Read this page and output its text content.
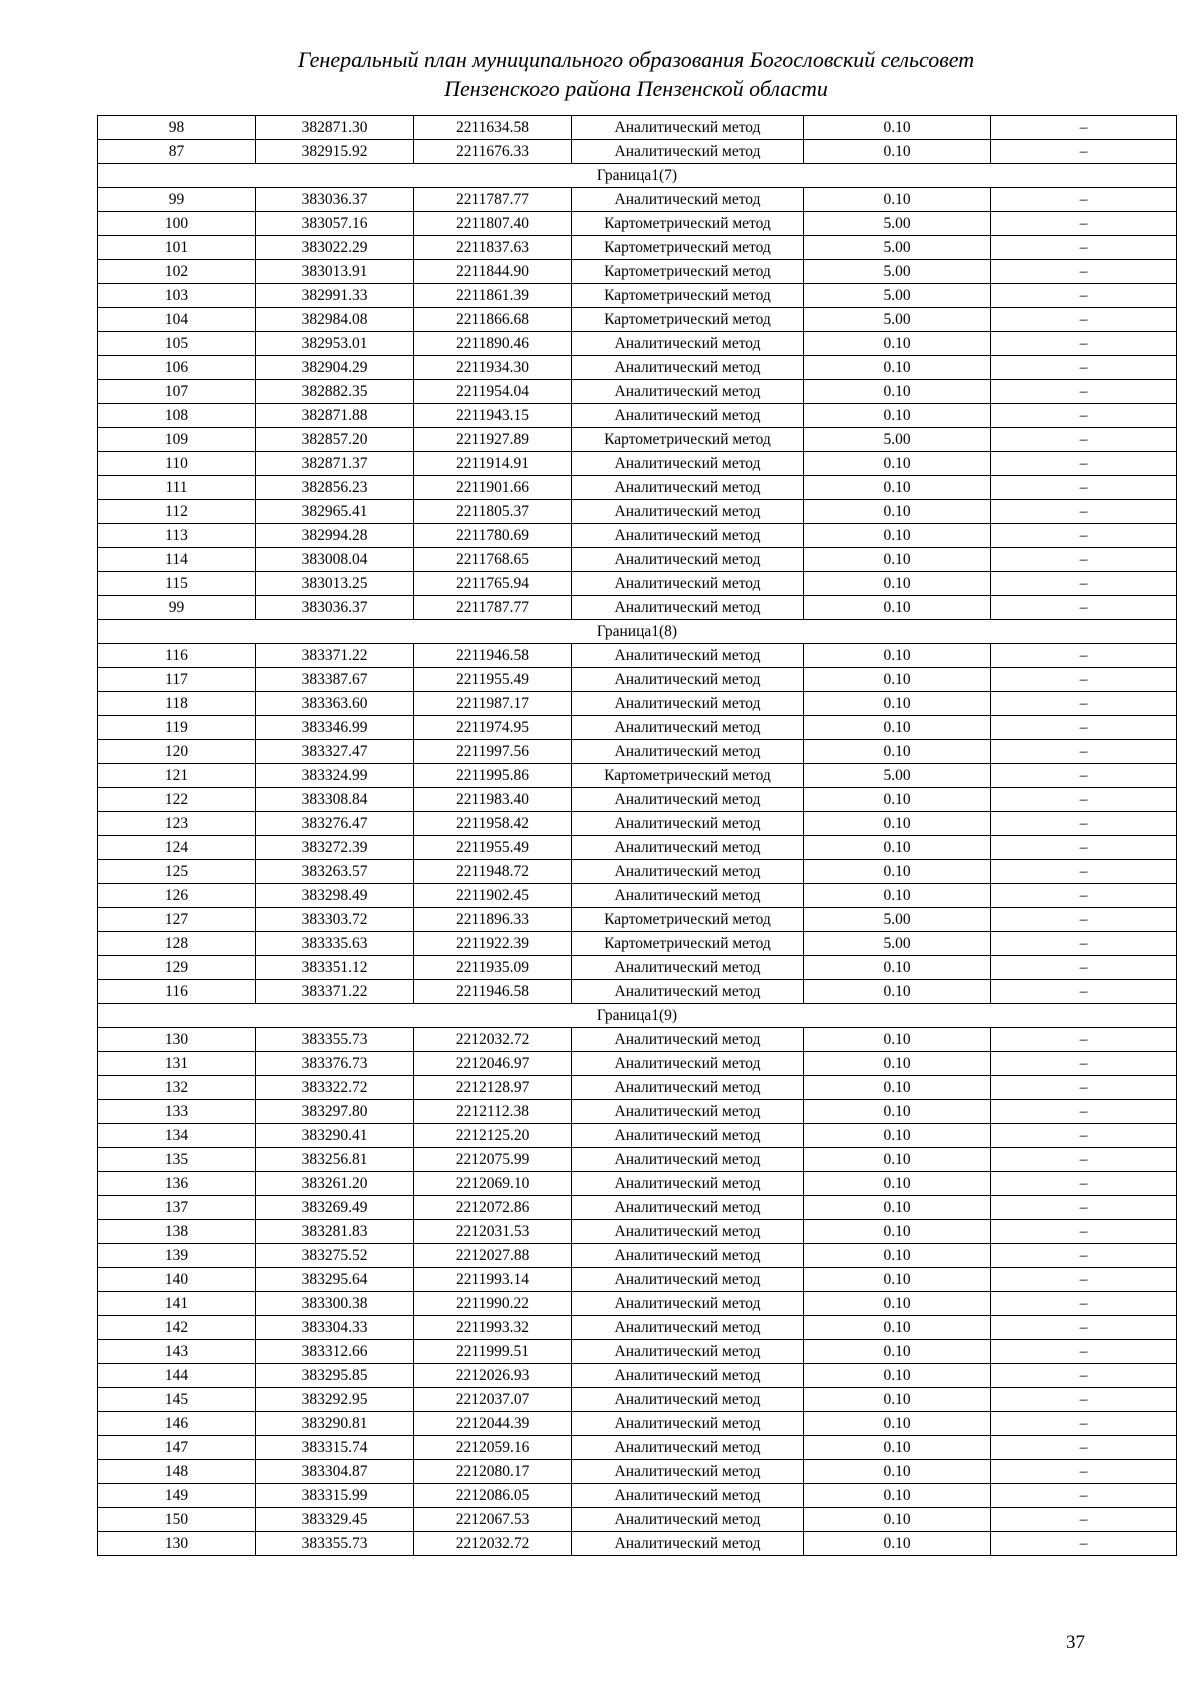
Генеральный план муниципального образования Богословский сельсовет
Пензенского района Пензенской области
98	382871.30	2211634.58	Аналитический метод	0.10	–
87	382915.92	2211676.33	Аналитический метод	0.10	–
Граница1(7)					
99	383036.37	2211787.77	Аналитический метод	0.10	–
100	383057.16	2211807.40	Картометрический метод	5.00	–
101	383022.29	2211837.63	Картометрический метод	5.00	–
102	383013.91	2211844.90	Картометрический метод	5.00	–
103	382991.33	2211861.39	Картометрический метод	5.00	–
104	382984.08	2211866.68	Картометрический метод	5.00	–
105	382953.01	2211890.46	Аналитический метод	0.10	–
106	382904.29	2211934.30	Аналитический метод	0.10	–
107	382882.35	2211954.04	Аналитический метод	0.10	–
108	382871.88	2211943.15	Аналитический метод	0.10	–
109	382857.20	2211927.89	Картометрический метод	5.00	–
110	382871.37	2211914.91	Аналитический метод	0.10	–
111	382856.23	2211901.66	Аналитический метод	0.10	–
112	382965.41	2211805.37	Аналитический метод	0.10	–
113	382994.28	2211780.69	Аналитический метод	0.10	–
114	383008.04	2211768.65	Аналитический метод	0.10	–
115	383013.25	2211765.94	Аналитический метод	0.10	–
99	383036.37	2211787.77	Аналитический метод	0.10	–
Граница1(8)					
116	383371.22	2211946.58	Аналитический метод	0.10	–
117	383387.67	2211955.49	Аналитический метод	0.10	–
118	383363.60	2211987.17	Аналитический метод	0.10	–
119	383346.99	2211974.95	Аналитический метод	0.10	–
120	383327.47	2211997.56	Аналитический метод	0.10	–
121	383324.99	2211995.86	Картометрический метод	5.00	–
122	383308.84	2211983.40	Аналитический метод	0.10	–
123	383276.47	2211958.42	Аналитический метод	0.10	–
124	383272.39	2211955.49	Аналитический метод	0.10	–
125	383263.57	2211948.72	Аналитический метод	0.10	–
126	383298.49	2211902.45	Аналитический метод	0.10	–
127	383303.72	2211896.33	Картометрический метод	5.00	–
128	383335.63	2211922.39	Картометрический метод	5.00	–
129	383351.12	2211935.09	Аналитический метод	0.10	–
116	383371.22	2211946.58	Аналитический метод	0.10	–
Граница1(9)					
130	383355.73	2212032.72	Аналитический метод	0.10	–
131	383376.73	2212046.97	Аналитический метод	0.10	–
132	383322.72	2212128.97	Аналитический метод	0.10	–
133	383297.80	2212112.38	Аналитический метод	0.10	–
134	383290.41	2212125.20	Аналитический метод	0.10	–
135	383256.81	2212075.99	Аналитический метод	0.10	–
136	383261.20	2212069.10	Аналитический метод	0.10	–
137	383269.49	2212072.86	Аналитический метод	0.10	–
138	383281.83	2212031.53	Аналитический метод	0.10	–
139	383275.52	2212027.88	Аналитический метод	0.10	–
140	383295.64	2211993.14	Аналитический метод	0.10	–
141	383300.38	2211990.22	Аналитический метод	0.10	–
142	383304.33	2211993.32	Аналитический метод	0.10	–
143	383312.66	2211999.51	Аналитический метод	0.10	–
144	383295.85	2212026.93	Аналитический метод	0.10	–
145	383292.95	2212037.07	Аналитический метод	0.10	–
146	383290.81	2212044.39	Аналитический метод	0.10	–
147	383315.74	2212059.16	Аналитический метод	0.10	–
148	383304.87	2212080.17	Аналитический метод	0.10	–
149	383315.99	2212086.05	Аналитический метод	0.10	–
150	383329.45	2212067.53	Аналитический метод	0.10	–
130	383355.73	2212032.72	Аналитический метод	0.10	–
37
